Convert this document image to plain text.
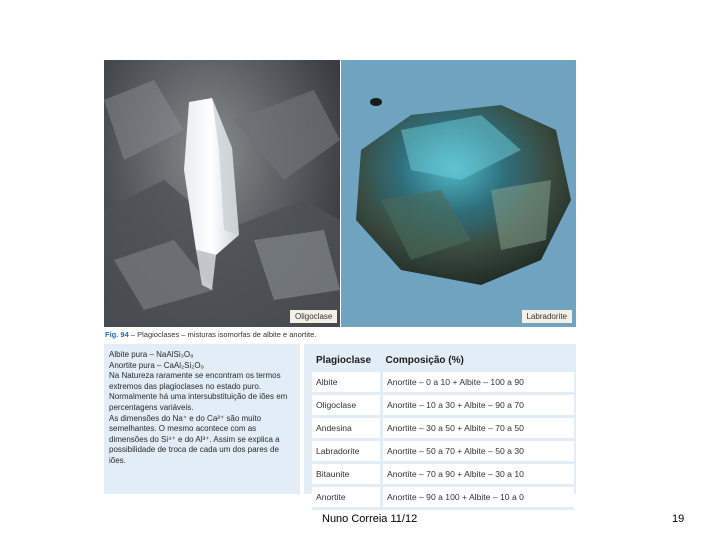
Oligoclase	Labradorite
Fig. 94 – Plagioclases – misturas isomorfas de albite e anortite.

Albite pura – NaAlSi₃O₈

Anortite pura – CaAl₂Si₂O₈

Na Natureza raramente se encontram os termos extremos das plagioclases no estado puro. Normalmente há uma intersubstituição de iões em percentagens variáveis.

As dimensões do Na⁺ e do Ca²⁺ são muito semelhantes. O mesmo acontece com as dimensões do Si⁴⁺ e do Al³⁺. Assim se explica a possibilidade de troca de cada um dos pares de iões.

Plagioclase	Composição (%)
Albite	Anortite – 0 a 10 + Albite – 100 a 90
Oligoclase	Anortite – 10 a 30 + Albite – 90 a 70
Andesina	Anortite – 30 a 50 + Albite – 70 a 50
Labradorite	Anortite – 50 a 70 + Albite – 50 a 30
Bitaunite	Anortite – 70 a 90 + Albite – 30 a 10
Anortite	Anortite – 90 a 100 + Albite – 10 a 0
Nuno Correia 11/12	19
